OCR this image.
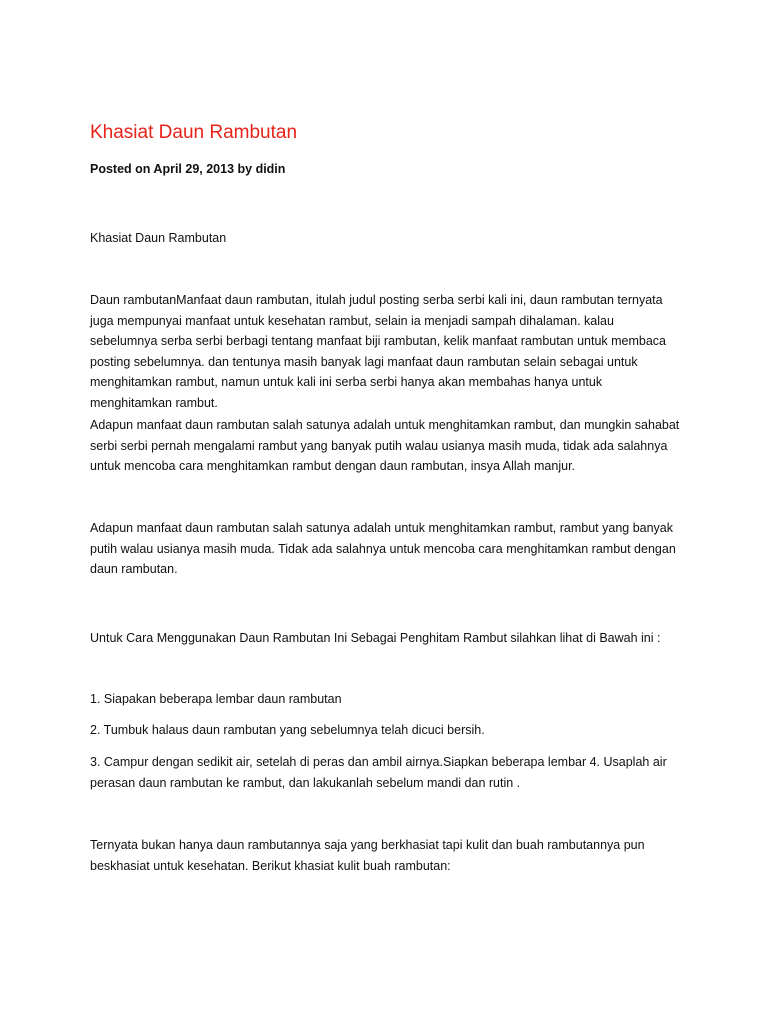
Khasiat Daun Rambutan

Posted on April 29, 2013 by didin

Khasiat Daun Rambutan

Daun rambutanManfaat daun rambutan, itulah judul posting serba serbi kali ini, daun rambutan ternyata juga mempunyai manfaat untuk kesehatan rambut, selain ia menjadi sampah dihalaman. kalau sebelumnya serba serbi berbagi tentang manfaat biji rambutan, kelik manfaat rambutan untuk membaca posting sebelumnya. dan tentunya masih banyak lagi manfaat daun rambutan selain sebagai untuk menghitamkan rambut, namun untuk kali ini serba serbi hanya akan membahas hanya untuk menghitamkan rambut.

Adapun manfaat daun rambutan salah satunya adalah untuk menghitamkan rambut, dan mungkin sahabat serbi serbi pernah mengalami rambut yang banyak putih walau usianya masih muda, tidak ada salahnya untuk mencoba cara menghitamkan rambut dengan daun rambutan, insya Allah manjur.

Adapun manfaat daun rambutan salah satunya adalah untuk menghitamkan rambut, rambut yang banyak putih walau usianya masih muda. Tidak ada salahnya untuk mencoba cara menghitamkan rambut dengan daun rambutan.

Untuk Cara Menggunakan Daun Rambutan Ini Sebagai Penghitam Rambut silahkan lihat di Bawah ini :

1. Siapakan beberapa lembar daun rambutan

2. Tumbuk halaus daun rambutan yang sebelumnya telah dicuci bersih.

3. Campur dengan sedikit air, setelah di peras dan ambil airnya.Siapkan beberapa lembar 4. Usaplah air perasan daun rambutan ke rambut, dan lakukanlah sebelum mandi dan rutin .

Ternyata bukan hanya daun rambutannya saja yang berkhasiat tapi kulit dan buah rambutannya pun beskhasiat untuk kesehatan. Berikut khasiat kulit buah rambutan:
